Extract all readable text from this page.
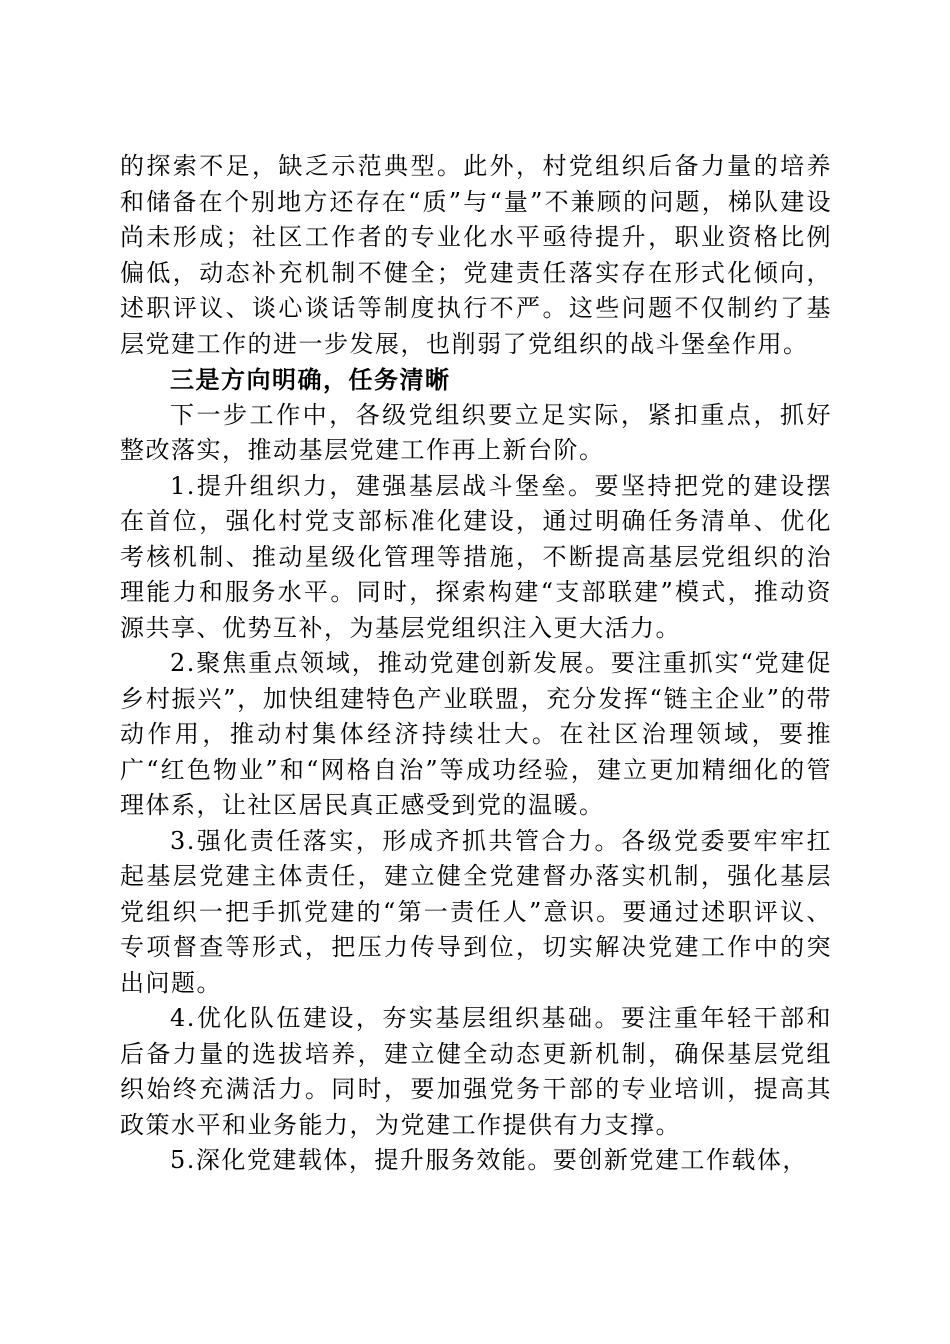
的探索不足，缺乏示范典型。此外，村党组织后备力量的培养和储备在个别地方还存在“质”与“量”不兼顾的问题，梯队建设尚未形成；社区工作者的专业化水平亟待提升，职业资格比例偏低，动态补充机制不健全；党建责任落实存在形式化倾向，述职评议、谈心谈话等制度执行不严。这些问题不仅制约了基层党建工作的进一步发展，也削弱了党组织的战斗堡垒作用。

三是方向明确，任务清晰

下一步工作中，各级党组织要立足实际，紧扣重点，抓好整改落实，推动基层党建工作再上新台阶。

1.提升组织力，建强基层战斗堡垒。要坚持把党的建设摆在首位，强化村党支部标准化建设，通过明确任务清单、优化考核机制、推动星级化管理等措施，不断提高基层党组织的治理能力和服务水平。同时，探索构建“支部联建”模式，推动资源共享、优势互补，为基层党组织注入更大活力。

2.聚焦重点领域，推动党建创新发展。要注重抓实“党建促乡村振兴”，加快组建特色产业联盟，充分发挥“链主企业”的带动作用，推动村集体经济持续壮大。在社区治理领域，要推广“红色物业”和“网格自治”等成功经验，建立更加精细化的管理体系，让社区居民真正感受到党的温暖。

3.强化责任落实，形成齐抓共管合力。各级党委要牢牢扛起基层党建主体责任，建立健全党建督办落实机制，强化基层党组织一把手抓党建的“第一责任人”意识。要通过述职评议、专项督查等形式，把压力传导到位，切实解决党建工作中的突出问题。

4.优化队伍建设，夯实基层组织基础。要注重年轻干部和后备力量的选拔培养，建立健全动态更新机制，确保基层党组织始终充满活力。同时，要加强党务干部的专业培训，提高其政策水平和业务能力，为党建工作提供有力支撑。

5.深化党建载体，提升服务效能。要创新党建工作载体，
